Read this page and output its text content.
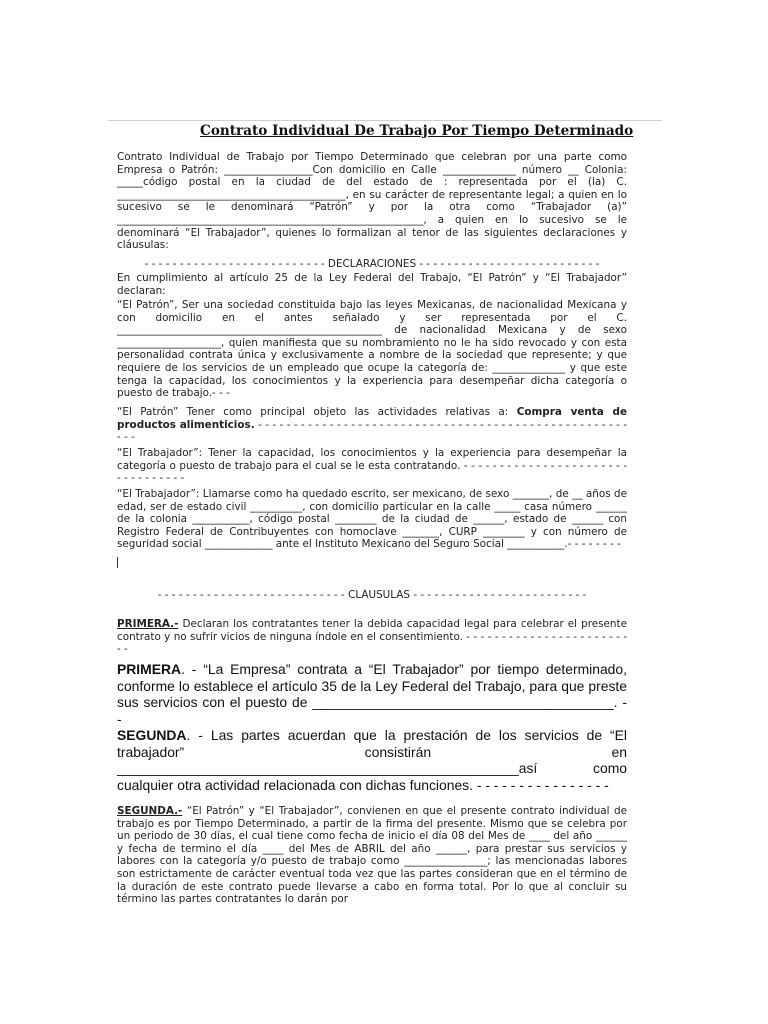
Contrato Individual De Trabajo Por Tiempo Determinado

Contrato Individual de Trabajo por Tiempo Determinado que celebran por una parte como Empresa o Patrón: _________________Con domicilio en Calle ______________ número __ Colonia: _____código postal en la ciudad de del estado de : representada por el (la) C. ____________________________________________, en su carácter de representante legal; a quien en lo sucesivo se le denominará “Patrón” y por la otra como “Trabajador (a)” ___________________________________________________________, a quien en lo sucesivo se le denominará “El Trabajador”, quienes lo formalizan al tenor de las siguientes declaraciones y cláusulas:

- - - - - - - - - - - - - - - - - - - - - - - - - - DECLARACIONES - - - - - - - - - - - - - - - - - - - - - - - - - -

En cumplimiento al artículo 25 de la Ley Federal del Trabajo, “El Patrón” y “El Trabajador” declaran:

“El Patrón”, Ser una sociedad constituida bajo las leyes Mexicanas, de nacionalidad Mexicana y con domicilio en el antes señalado y ser representada por el C. ___________________________________________________ de nacionalidad Mexicana y de sexo ____________________, quien manifiesta que su nombramiento no le ha sido revocado y con esta personalidad contrata única y exclusivamente a nombre de la sociedad que represente; y que requiere de los servicios de un empleado que ocupe la categoría de: ______________ y que este tenga la capacidad, los conocimientos y la experiencia para desempeñar dicha categoría o puesto de trabajo.- - -

“El Patrón” Tener como principal objeto las actividades relativas a: Compra venta de productos alimenticios. - - - - - - - - - - - - - - - - - - - - - - - - - - - - - - - - - - - - - - - - - - - - - - - - - - - - - - -

“El Trabajador”: Tener la capacidad, los conocimientos y la experiencia para desempeñar la categoría o puesto de trabajo para el cual se le esta contratando. - - - - - - - - - - - - - - - - - - - - - - - - - - - - - - - - -

“El Trabajador”: Llamarse como ha quedado escrito, ser mexicano, de sexo _______, de __ años de edad, ser de estado civil __________, con domicilio particular en la calle _____ casa número ______ de la colonia ___________, código postal ________ de la ciudad de ______, estado de ______ con Registro Federal de Contribuyentes con homoclave _______, CURP ________ y con número de seguridad social _____________ ante el Instituto Mexicano del Seguro Social ___________.- - - - - - - -

- - - - - - - - - - - - - - - - - - - - - - - - - - - CLÁUSULAS - - - - - - - - - - - - - - - - - - - - - - - - -

PRIMERA.- Declaran los contratantes tener la debida capacidad legal para celebrar el presente contrato y no sufrir vicios de ninguna índole en el consentimiento. - - - - - - - - - - - - - - - - - - - - - - - - -

PRIMERA. - “La Empresa” contrata a “El Trabajador” por tiempo determinado, conforme lo establece el artículo 35 de la Ley Federal del Trabajo, para que preste sus servicios con el puesto de _______________________________________. - -

SEGUNDA. - Las partes acuerdan que la prestación de los servicios de “El trabajador” consistirán en ____________________________________________________así como cualquier otra actividad relacionada con dichas funciones. - - - - - - - - - - - - - - - -

SEGUNDA.- “El Patrón” y “El Trabajador”, convienen en que el presente contrato individual de trabajo es por Tiempo Determinado, a partir de la firma del presente. Mismo que se celebra por un periodo de 30 días, el cual tiene como fecha de inicio el día 08 del Mes de ____ del año ______ y fecha de termino el día ____ del Mes de ABRIL del año ______, para prestar sus servicios y labores con la categoría y/o puesto de trabajo como ________________; las mencionadas labores son estrictamente de carácter eventual toda vez que las partes consideran que en el término de la duración de este contrato puede llevarse a cabo en forma total. Por lo que al concluir su término las partes contratantes lo darán por
